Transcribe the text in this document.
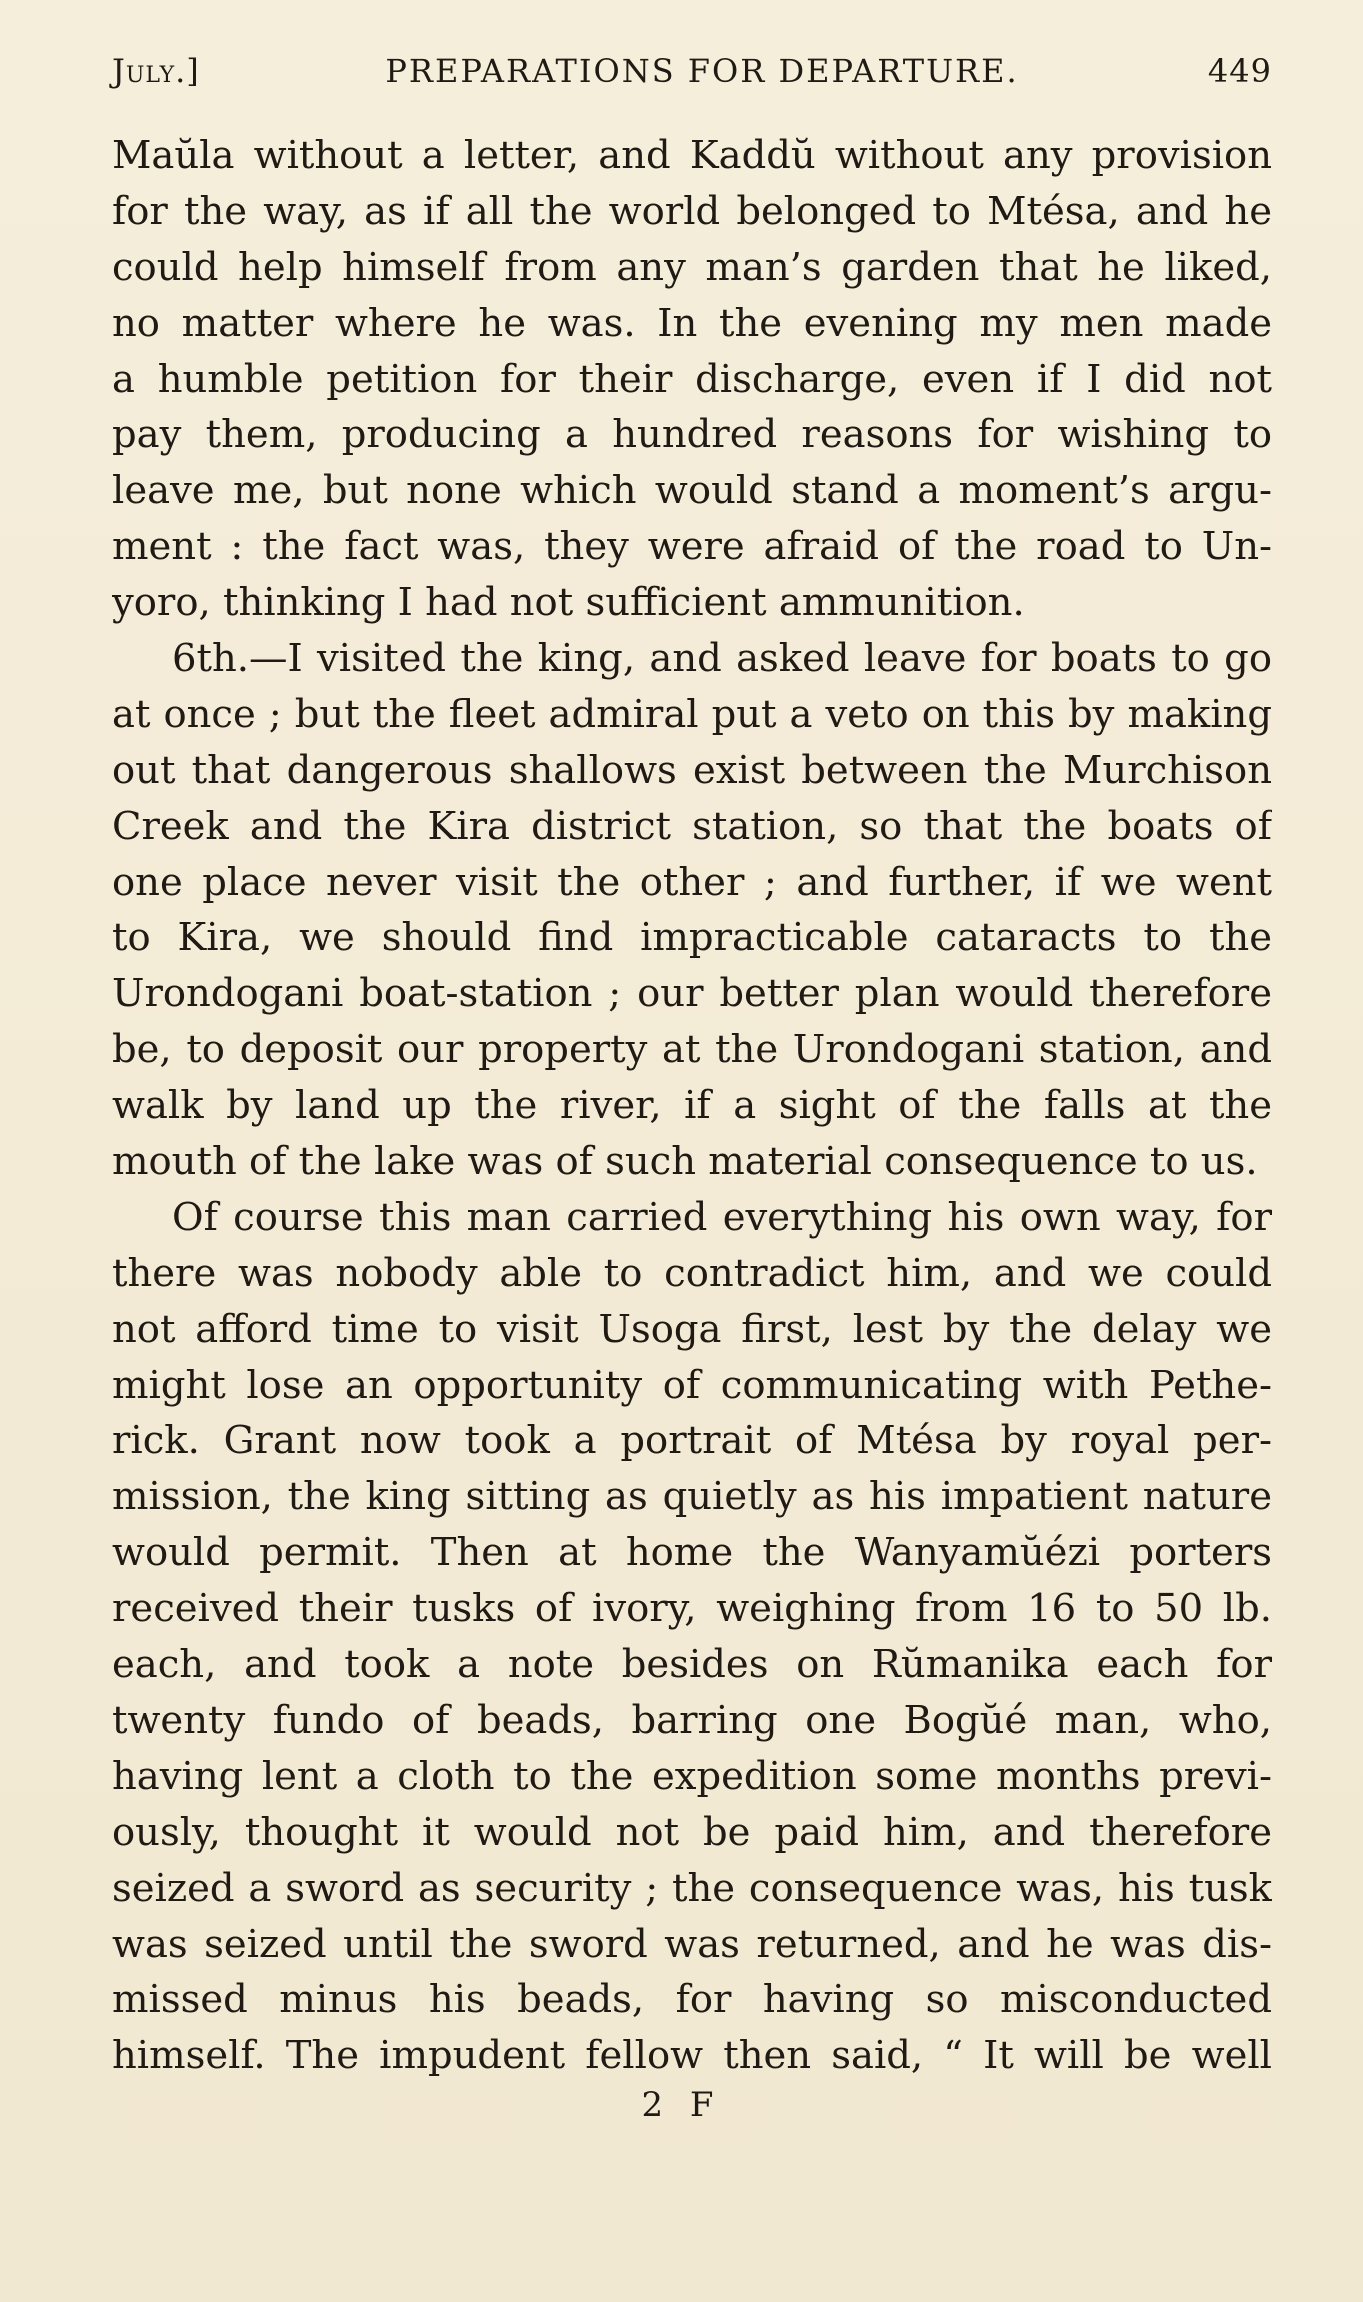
July.]	PREPARATIONS FOR DEPARTURE.	449
Maŭla without a letter, and Kaddŭ without any provision
for the way, as if all the world belonged to Mtésa, and he
could help himself from any man’s garden that he liked,
no matter where he was. In the evening my men made
a humble petition for their discharge, even if I did not
pay them, producing a hundred reasons for wishing to
leave me, but none which would stand a moment’s argu-
ment : the fact was, they were afraid of the road to Un-
yoro, thinking I had not sufficient ammunition.
6th.—I visited the king, and asked leave for boats to go
at once ; but the fleet admiral put a veto on this by making
out that dangerous shallows exist between the Murchison
Creek and the Kira district station, so that the boats of
one place never visit the other ; and further, if we went
to Kira, we should find impracticable cataracts to the
Urondogani boat-station ; our better plan would therefore
be, to deposit our property at the Urondogani station, and
walk by land up the river, if a sight of the falls at the
mouth of the lake was of such material consequence to us.
Of course this man carried everything his own way, for
there was nobody able to contradict him, and we could
not afford time to visit Usoga first, lest by the delay we
might lose an opportunity of communicating with Pethe-
rick. Grant now took a portrait of Mtésa by royal per-
mission, the king sitting as quietly as his impatient nature
would permit. Then at home the Wanyamŭézi porters
received their tusks of ivory, weighing from 16 to 50 lb.
each, and took a note besides on Rŭmanika each for
twenty fundo of beads, barring one Bogŭé man, who,
having lent a cloth to the expedition some months previ-
ously, thought it would not be paid him, and therefore
seized a sword as security ; the consequence was, his tusk
was seized until the sword was returned, and he was dis-
missed minus his beads, for having so misconducted
himself. The impudent fellow then said, “ It will be well
2 F
